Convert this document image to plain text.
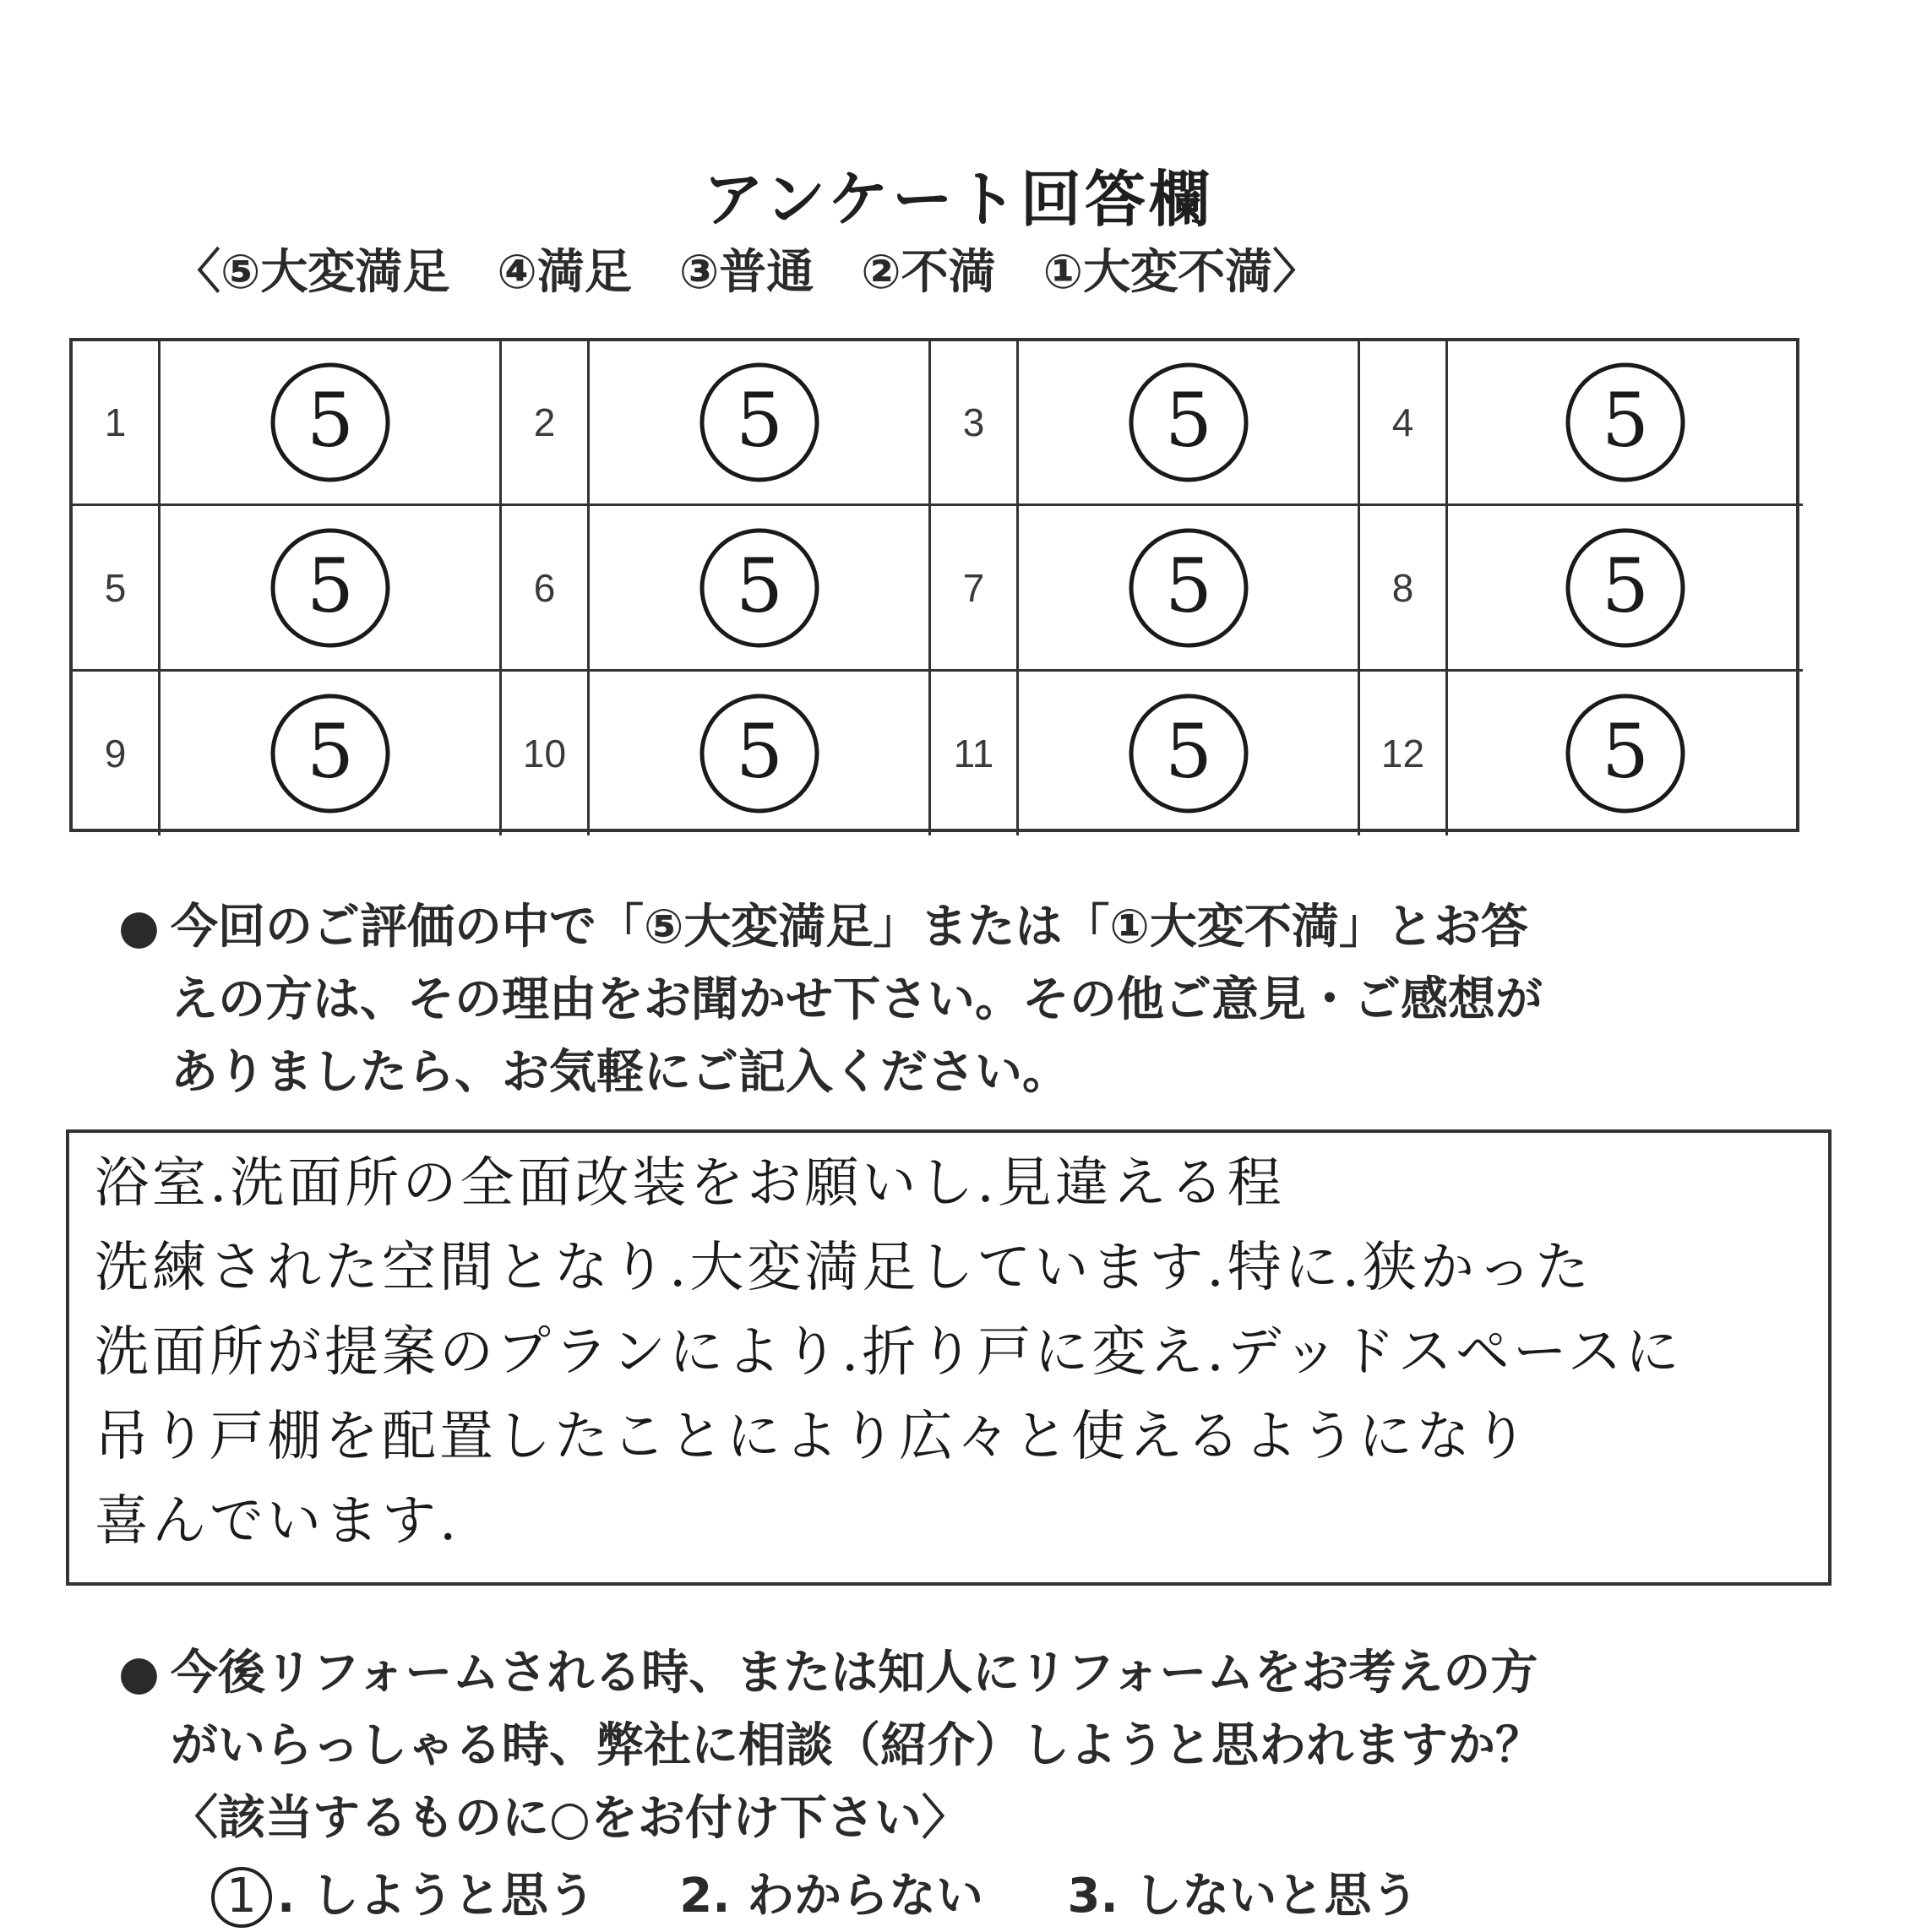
アンケート回答欄
〈⑤大変満足　④満足　③普通　②不満　①大変不満〉
1	5	2	5	3	5	4	5
5	5	6	5	7	5	8	5
9	5	10	5	11	5	12	5
● 今回のご評価の中で「⑤大変満足」または「①大変不満」とお答
えの方は、その理由をお聞かせ下さい。その他ご意見・ご感想が
ありましたら、お気軽にご記入ください。
浴室.洗面所の全面改装をお願いし.見違える程
洗練された空間となり.大変満足しています.特に.狭かった
洗面所が提案のプランにより.折り戸に変え.デッドスペースに
吊り戸棚を配置したことにより広々と使えるようになり
喜んでいます.
● 今後リフォームされる時、または知人にリフォームをお考えの方
がいらっしゃる時、弊社に相談（紹介）しようと思われますか？
〈該当するものに○をお付け下さい〉
1 . しようと思う 2. わからない 3. しないと思う
